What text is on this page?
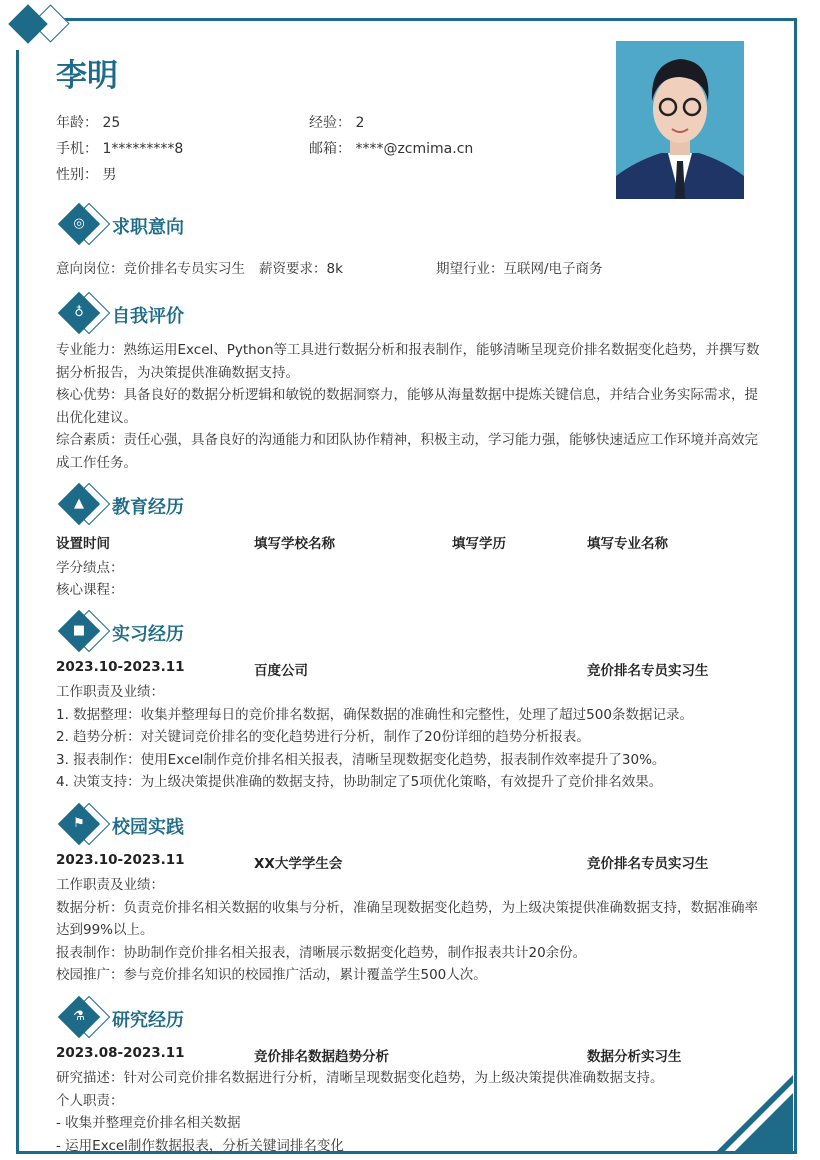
李明
年龄： 25	经验： 2
手机： 1*********8	邮箱： ****@zcmima.cn
性别： 男
◎ 求职意向
意向岗位：竞价排名专员实习生 薪资要求：8k	期望行业：互联网/电子商务
♁	自我评价
专业能力：熟练运用Excel、Python等工具进行数据分析和报表制作，能够清晰呈现竞价排名数据变化趋势，并撰写数据分析报告，为决策提供准确数据支持。
核心优势：具备良好的数据分析逻辑和敏锐的数据洞察力，能够从海量数据中提炼关键信息，并结合业务实际需求，提出优化建议。
综合素质：责任心强，具备良好的沟通能力和团队协作精神，积极主动，学习能力强，能够快速适应工作环境并高效完成工作任务。
▲	教育经历
设置时间	填写学校名称	填写学历	填写专业名称
学分绩点：
核心课程：
■ 实习经历
2023.10-2023.11	百度公司	竞价排名专员实习生
工作职责及业绩：
1. 数据整理：收集并整理每日的竞价排名数据，确保数据的准确性和完整性，处理了超过500条数据记录。
2. 趋势分析：对关键词竞价排名的变化趋势进行分析，制作了20份详细的趋势分析报表。
3. 报表制作：使用Excel制作竞价排名相关报表，清晰呈现数据变化趋势，报表制作效率提升了30%。
4. 决策支持：为上级决策提供准确的数据支持，协助制定了5项优化策略，有效提升了竞价排名效果。
⚑ 校园实践
2023.10-2023.11	XX大学学生会	竞价排名专员实习生
工作职责及业绩：
数据分析：负责竞价排名相关数据的收集与分析，准确呈现数据变化趋势，为上级决策提供准确数据支持，数据准确率达到99%以上。
报表制作：协助制作竞价排名相关报表，清晰展示数据变化趋势，制作报表共计20余份。
校园推广：参与竞价排名知识的校园推广活动，累计覆盖学生500人次。
⚗ 研究经历
2023.08-2023.11	竞价排名数据趋势分析	数据分析实习生
研究描述：针对公司竞价排名数据进行分析，清晰呈现数据变化趋势，为上级决策提供准确数据支持。
个人职责：
- 收集并整理竞价排名相关数据
- 运用Excel制作数据报表，分析关键词排名变化
